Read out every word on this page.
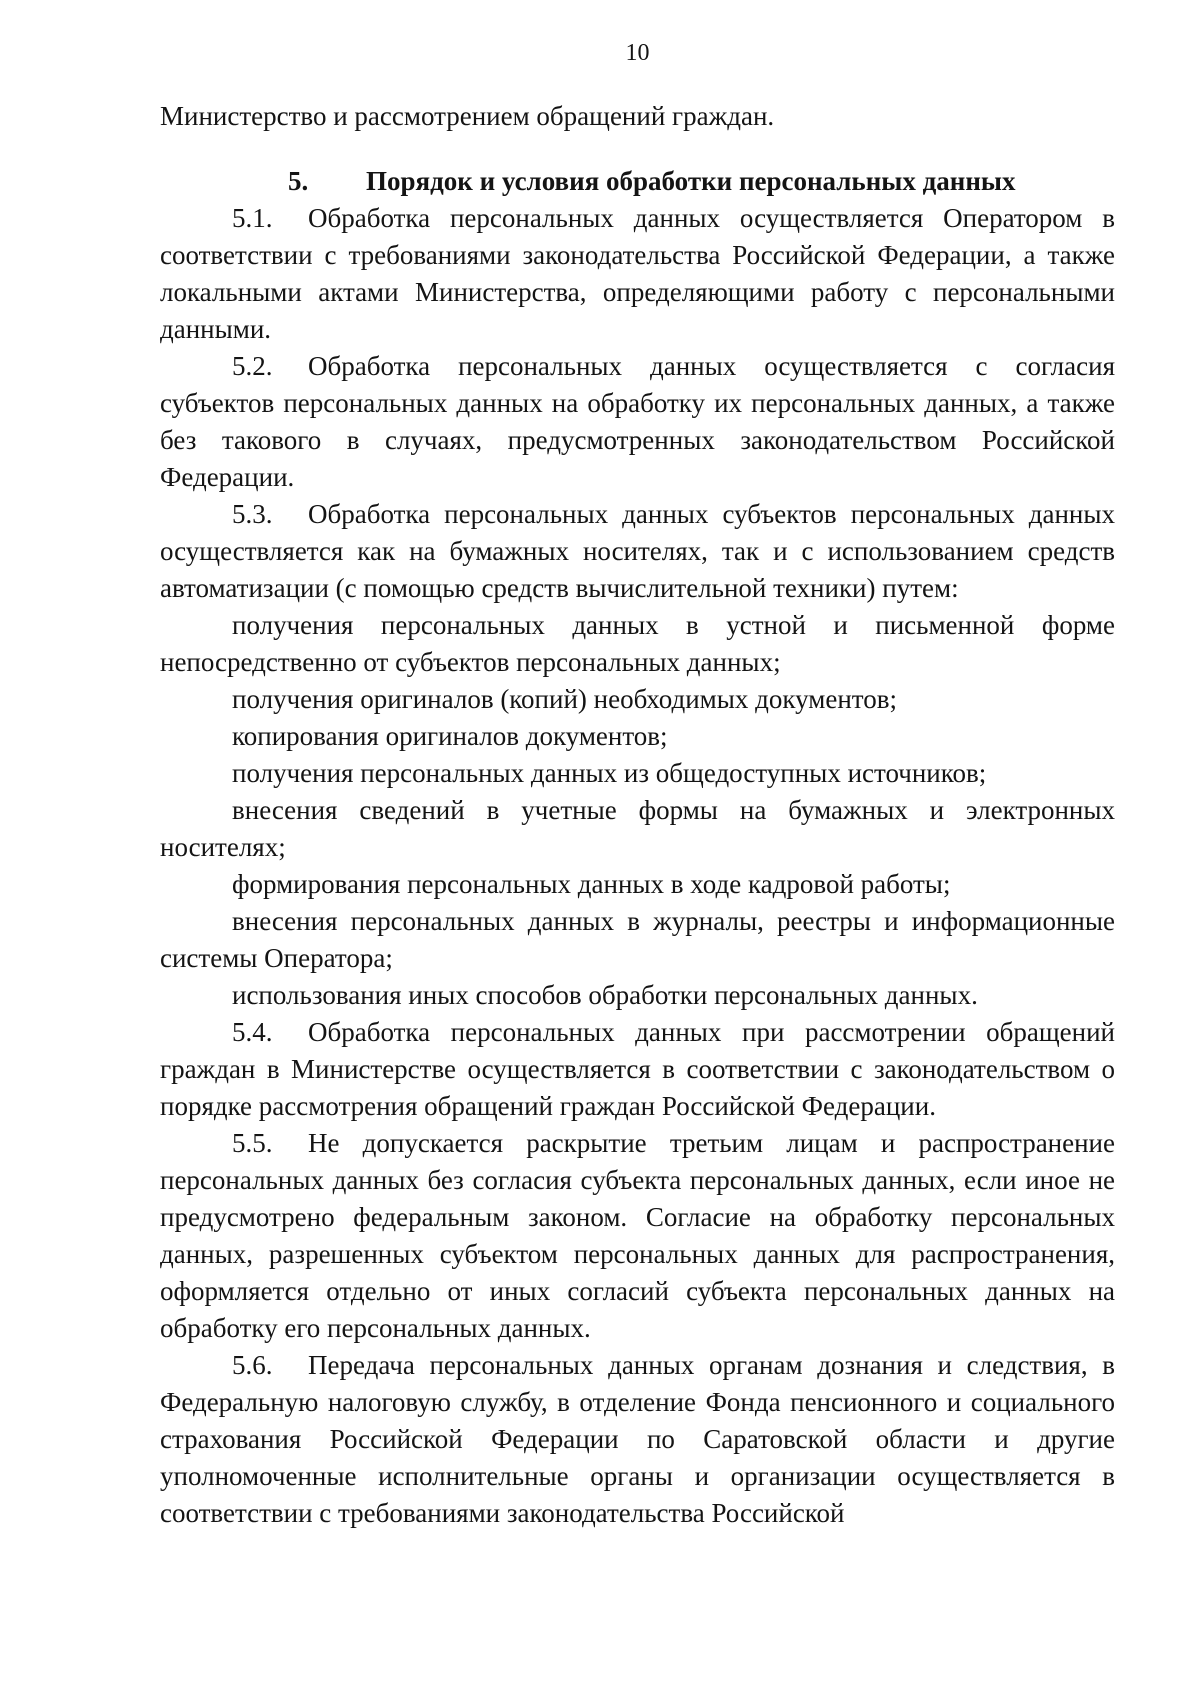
10

Министерство и рассмотрением обращений граждан.

5. Порядок и условия обработки персональных данных

5.1. Обработка персональных данных осуществляется Оператором в соответствии с требованиями законодательства Российской Федерации, а также локальными актами Министерства, определяющими работу с персональными данными.

5.2. Обработка персональных данных осуществляется с согласия субъектов персональных данных на обработку их персональных данных, а также без такового в случаях, предусмотренных законодательством Российской Федерации.

5.3. Обработка персональных данных субъектов персональных данных осуществляется как на бумажных носителях, так и с использованием средств автоматизации (с помощью средств вычислительной техники) путем:

получения персональных данных в устной и письменной форме непосредственно от субъектов персональных данных;

получения оригиналов (копий) необходимых документов;

копирования оригиналов документов;

получения персональных данных из общедоступных источников;

внесения сведений в учетные формы на бумажных и электронных носителях;

формирования персональных данных в ходе кадровой работы;

внесения персональных данных в журналы, реестры и информационные системы Оператора;

использования иных способов обработки персональных данных.

5.4. Обработка персональных данных при рассмотрении обращений граждан в Министерстве осуществляется в соответствии с законодательством о порядке рассмотрения обращений граждан Российской Федерации.

5.5. Не допускается раскрытие третьим лицам и распространение персональных данных без согласия субъекта персональных данных, если иное не предусмотрено федеральным законом. Согласие на обработку персональных данных, разрешенных субъектом персональных данных для распространения, оформляется отдельно от иных согласий субъекта персональных данных на обработку его персональных данных.

5.6. Передача персональных данных органам дознания и следствия, в Федеральную налоговую службу, в отделение Фонда пенсионного и социального страхования Российской Федерации по Саратовской области и другие уполномоченные исполнительные органы и организации осуществляется в соответствии с требованиями законодательства Российской
